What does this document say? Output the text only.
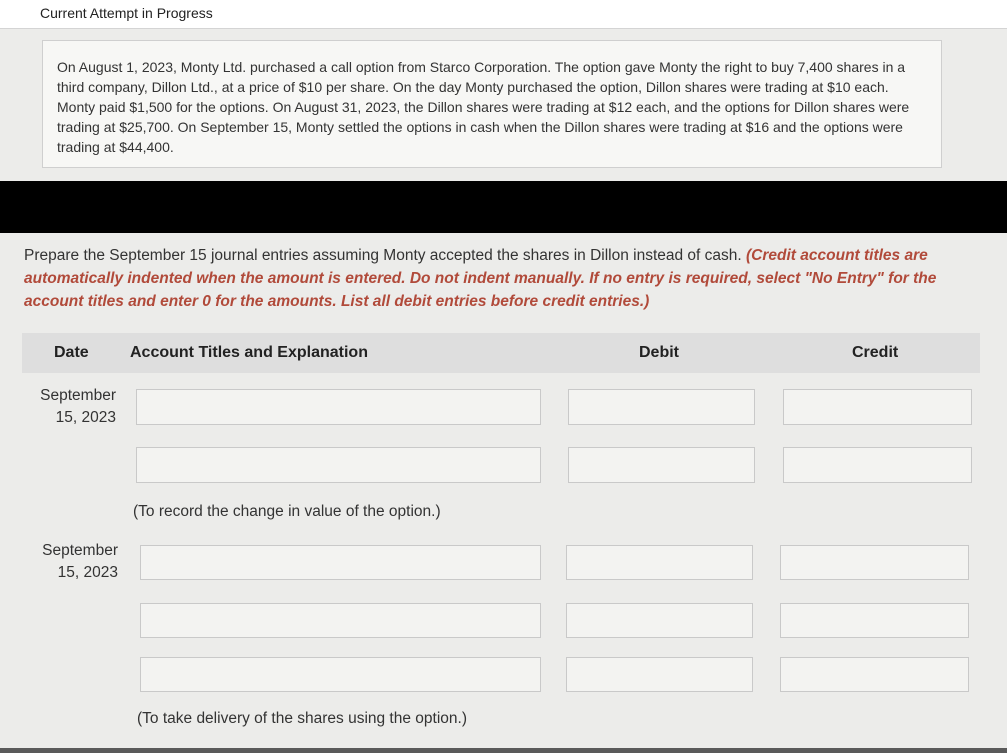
Current Attempt in Progress
On August 1, 2023, Monty Ltd. purchased a call option from Starco Corporation. The option gave Monty the right to buy 7,400 shares in a third company, Dillon Ltd., at a price of $10 per share. On the day Monty purchased the option, Dillon shares were trading at $10 each. Monty paid $1,500 for the options. On August 31, 2023, the Dillon shares were trading at $12 each, and the options for Dillon shares were trading at $25,700. On September 15, Monty settled the options in cash when the Dillon shares were trading at $16 and the options were trading at $44,400.
Prepare the September 15 journal entries assuming Monty accepted the shares in Dillon instead of cash. (Credit account titles are automatically indented when the amount is entered. Do not indent manually. If no entry is required, select "No Entry" for the account titles and enter 0 for the amounts. List all debit entries before credit entries.)
Date	Account Titles and Explanation	Debit	Credit
September
15, 2023
(To record the change in value of the option.)
September
15, 2023
(To take delivery of the shares using the option.)
